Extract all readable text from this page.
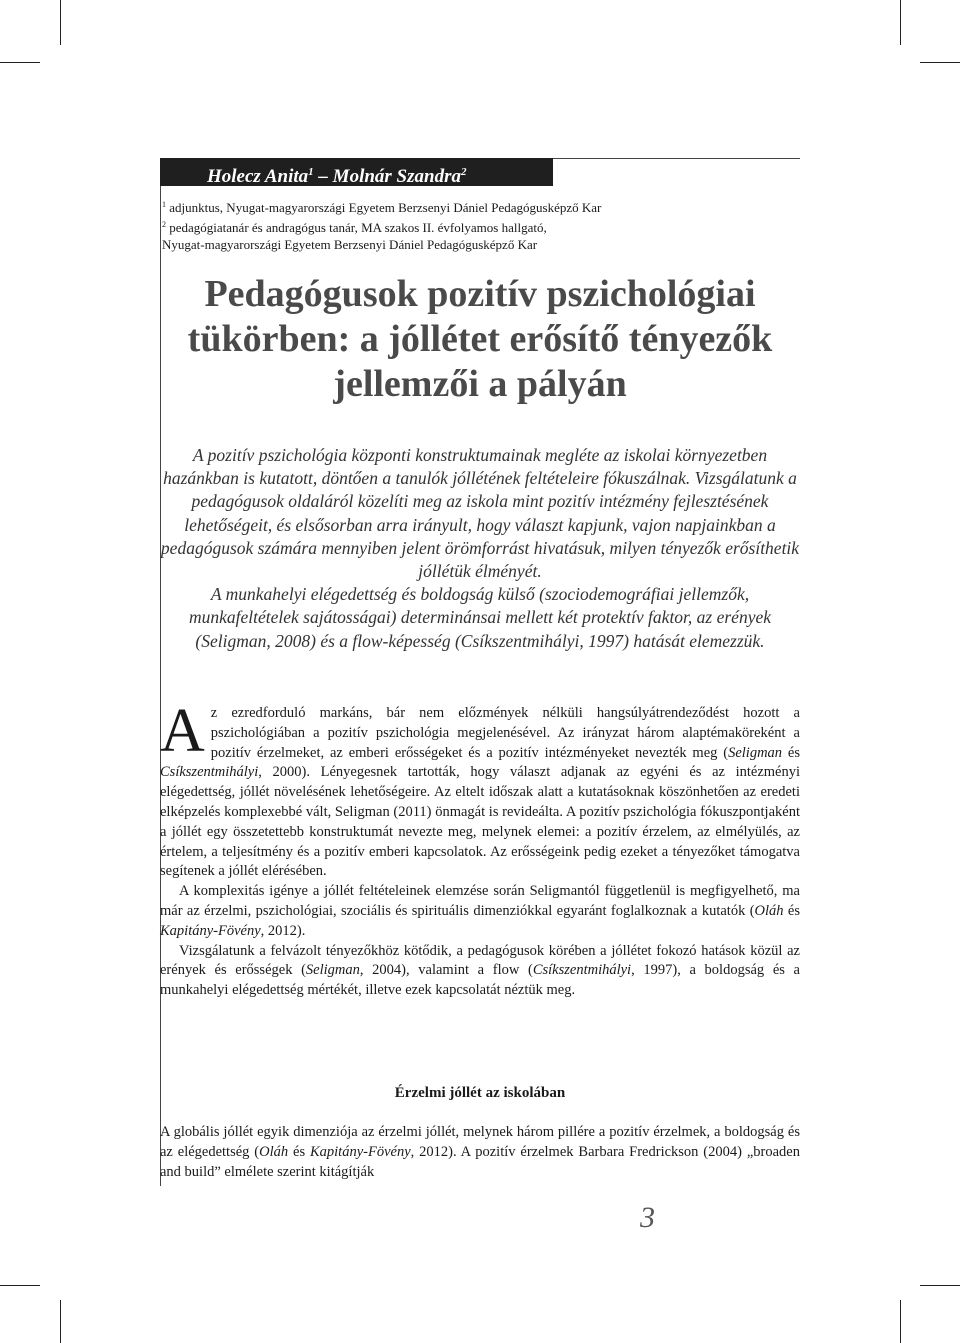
Holecz Anita$^1$ – Molnár Szandra$^2$
$^1$ adjunktus, Nyugat-magyarországi Egyetem Berzsenyi Dániel Pedagógusképző Kar
$^2$ pedagógiatanár és andragógus tanár, MA szakos II. évfolyamos hallgató,
Nyugat-magyarországi Egyetem Berzsenyi Dániel Pedagógusképző Kar
Pedagógusok pozitív pszichológiai
tükörben: a jóllétet erősítő tényezők
jellemzői a pályán

A pozitív pszichológia központi konstruktumainak megléte az iskolai környezetben hazánkban is kutatott, döntően a tanulók jóllétének feltételeire fókuszálnak. Vizsgálatunk a pedagógusok oldaláról közelíti meg az iskola mint pozitív intézmény fejlesztésének lehetőségeit, és elsősorban arra irányult, hogy választ kapjunk, vajon napjainkban a pedagógusok számára mennyiben jelent örömforrást hivatásuk, milyen tényezők erősíthetik jóllétük élményét.

A munkahelyi elégedettség és boldogság külső (szociodemográfiai jellemzők, munkafeltételek sajátosságai) determinánsai mellett két protektív faktor, az erények (Seligman, 2008) és a flow-képesség (Csíkszentmihályi, 1997) hatását elemezzük.

Az ezredforduló markáns, bár nem előzmények nélküli hangsúlyátrendeződést hozott a pszichológiában a pozitív pszichológia megjelenésével. Az irányzat három alaptémaköreként a pozitív érzelmeket, az emberi erősségeket és a pozitív intézményeket nevezték meg (Seligman és Csíkszentmihályi, 2000). Lényegesnek tartották, hogy választ adjanak az egyéni és az intézményi elégedettség, jóllét növelésének lehetőségeire. Az eltelt időszak alatt a kutatásoknak köszönhetően az eredeti elképzelés komplexebbé vált, Seligman (2011) önmagát is revideálta. A pozitív pszichológia fókuszpontjaként a jóllét egy összetettebb konstruktumát nevezte meg, melynek elemei: a pozitív érzelem, az elmélyülés, az értelem, a teljesítmény és a pozitív emberi kapcsolatok. Az erősségeink pedig ezeket a tényezőket támogatva segítenek a jóllét elérésében.

A komplexitás igénye a jóllét feltételeinek elemzése során Seligmantól függetlenül is megfigyelhető, ma már az érzelmi, pszichológiai, szociális és spirituális dimenziókkal egyaránt foglalkoznak a kutatók (Oláh és Kapitány-Fövény, 2012).

Vizsgálatunk a felvázolt tényezőkhöz kötődik, a pedagógusok körében a jóllétet fokozó hatások közül az erények és erősségek (Seligman, 2004), valamint a flow (Csíkszentmihályi, 1997), a boldogság és a munkahelyi elégedettség mértékét, illetve ezek kapcsolatát néztük meg.

Érzelmi jóllét az iskolában

A globális jóllét egyik dimenziója az érzelmi jóllét, melynek három pillére a pozitív érzelmek, a boldogság és az elégedettség (Oláh és Kapitány-Fövény, 2012). A pozitív érzelmek Barbara Fredrickson (2004) „broaden and build” elmélete szerint kitágítják

3
